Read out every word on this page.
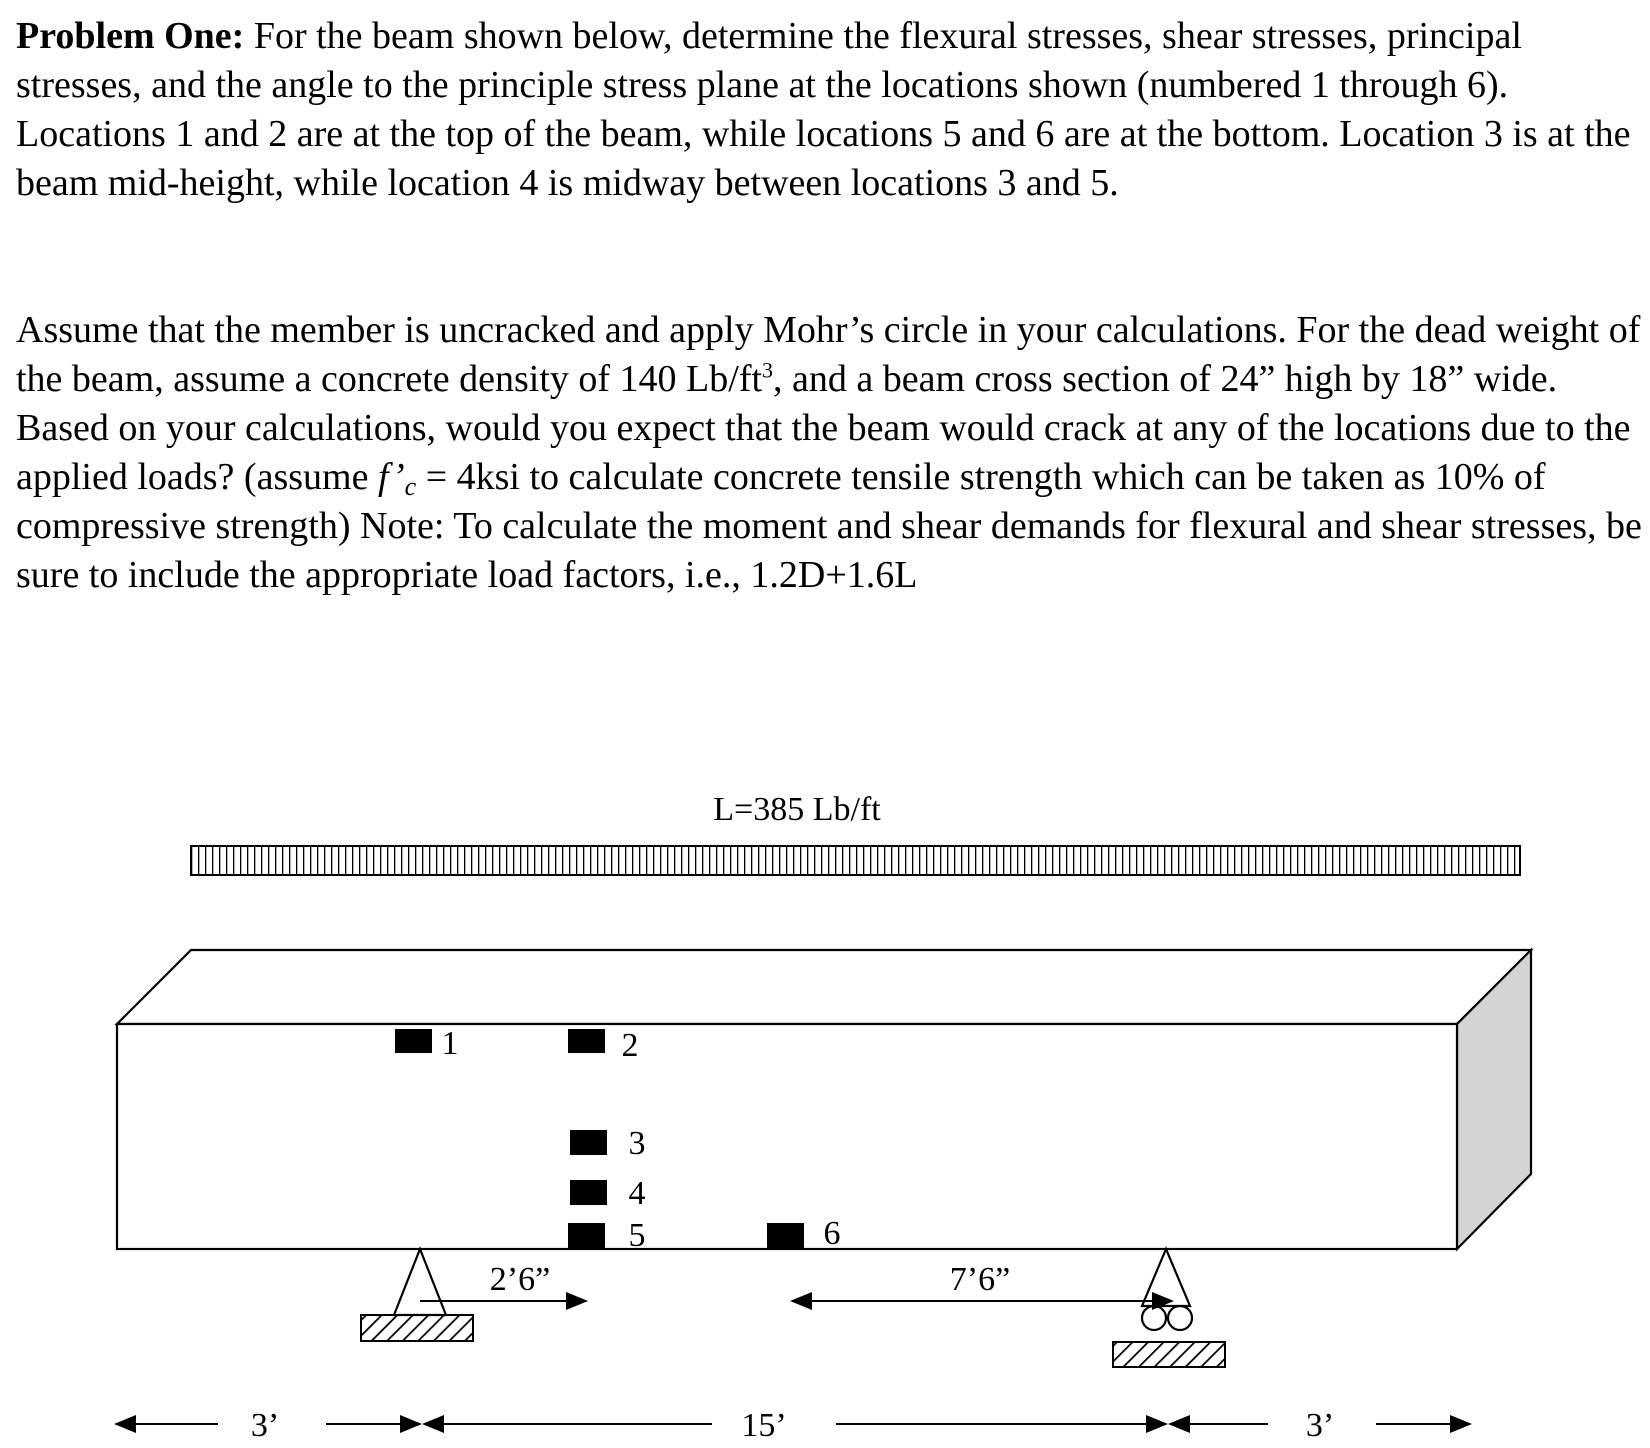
Problem One: For the beam shown below, determine the flexural stresses, shear stresses, principal stresses, and the angle to the principle stress plane at the locations shown (numbered 1 through 6). Locations 1 and 2 are at the top of the beam, while locations 5 and 6 are at the bottom. Location 3 is at the beam mid-height, while location 4 is midway between locations 3 and 5.

Assume that the member is uncracked and apply Mohr’s circle in your calculations. For the dead weight of the beam, assume a concrete density of 140 $Lb/ft^3$, and a beam cross section of 24” high by 18” wide. Based on your calculations, would you expect that the beam would crack at any of the locations due to the applied loads? (assume $f’_c = 4ksi$ to calculate concrete tensile strength which can be taken as 10% of compressive strength) Note: To calculate the moment and shear demands for flexural and shear stresses, be sure to include the appropriate load factors, i.e., 1.2D+1.6L

L=385 Lb/ft
1	2
3
4
5	6
2’6”	7’6”
3’	15’	3’
